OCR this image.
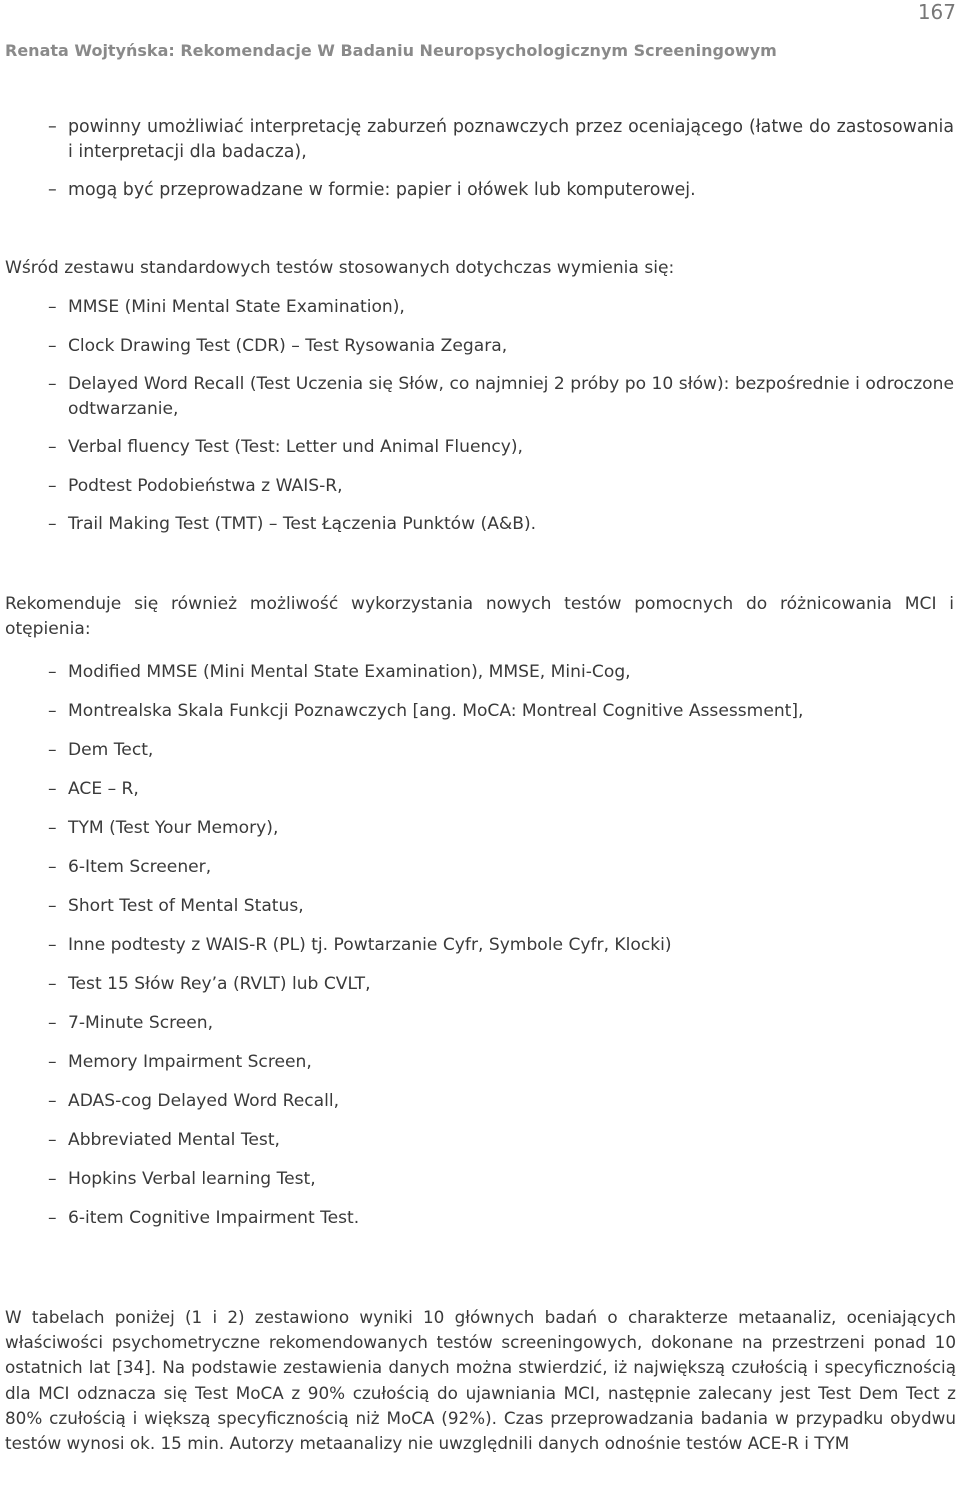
167
Renata Wojtyńska: Rekomendacje W Badaniu Neuropsychologicznym Screeningowym
– powinny umożliwiać interpretację zaburzeń poznawczych przez oceniającego (łatwe do zastosowania i interpretacji dla badacza),
– mogą być przeprowadzane w formie: papier i ołówek lub komputerowej.

Wśród zestawu standardowych testów stosowanych dotychczas wymienia się:

– MMSE (Mini Mental State Examination),
– Clock Drawing Test (CDR) – Test Rysowania Zegara,
– Delayed Word Recall (Test Uczenia się Słów, co najmniej 2 próby po 10 słów): bezpośrednie i odroczone odtwarzanie,
– Verbal fluency Test (Test: Letter und Animal Fluency),
– Podtest Podobieństwa z WAIS-R,
– Trail Making Test (TMT) – Test Łączenia Punktów (A&B).

Rekomenduje się również możliwość wykorzystania nowych testów pomocnych do różnicowania MCI i otępienia:

– Modified MMSE (Mini Mental State Examination), MMSE, Mini-Cog,
– Montrealska Skala Funkcji Poznawczych [ang. MoCA: Montreal Cognitive Assessment],
– Dem Tect,
– ACE – R,
– TYM (Test Your Memory),
– 6-Item Screener,
– Short Test of Mental Status,
– Inne podtesty z WAIS-R (PL) tj. Powtarzanie Cyfr, Symbole Cyfr, Klocki)
– Test 15 Słów Rey’a (RVLT) lub CVLT,
– 7-Minute Screen,
– Memory Impairment Screen,
– ADAS-cog Delayed Word Recall,
– Abbreviated Mental Test,
– Hopkins Verbal learning Test,
– 6-item Cognitive Impairment Test.

W tabelach poniżej (1 i 2) zestawiono wyniki 10 głównych badań o charakterze metaanaliz, oceniających właściwości psychometryczne rekomendowanych testów screeningowych, dokonane na przestrzeni ponad 10 ostatnich lat [34]. Na podstawie zestawienia danych można stwierdzić, iż największą czułością i specyficznością dla MCI odznacza się Test MoCA z 90% czułością do ujawniania MCI, następnie zalecany jest Test Dem Tect z 80% czułością i większą specyficznością niż MoCA (92%). Czas przeprowadzania badania w przypadku obydwu testów wynosi ok. 15 min. Autorzy metaanalizy nie uwzględnili danych odnośnie testów ACE-R i TYM
